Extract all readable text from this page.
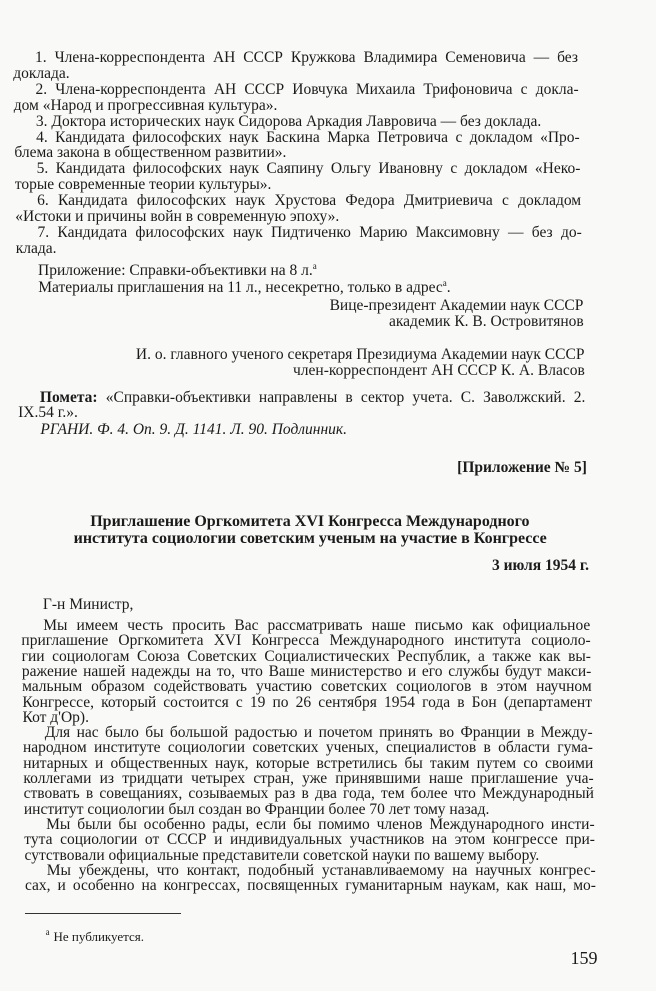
1. Члена-корреспондента АН СССР Кружкова Владимира Семеновича — без
доклада.
2. Члена-корреспондента АН СССР Иовчука Михаила Трифоновича с докла-
дом «Народ и прогрессивная культура».
3. Доктора исторических наук Сидорова Аркадия Лавровича — без доклада.
4. Кандидата философских наук Баскина Марка Петровича с докладом «Про-
блема закона в общественном развитии».
5. Кандидата философских наук Саяпину Ольгу Ивановну с докладом «Неко-
торые современные теории культуры».
6. Кандидата философских наук Хрустова Федора Дмитриевича с докладом
«Истоки и причины войн в современную эпоху».
7. Кандидата философских наук Пидтиченко Марию Максимовну — без до-
клада.
Приложение: Справки-объективки на 8 л.$^а$
Материалы приглашения на 11 л., несекретно, только в адрес$^а$.
Вице-президент Академии наук СССР
академик К. В. Островитянов
И. о. главного ученого секретаря Президиума Академии наук СССР
член-корреспондент АН СССР К. А. Власов
Помета: «Справки-объективки направлены в сектор учета. С. Заволжский. 2.
IX.54 г.».
РГАНИ. Ф. 4. Оп. 9. Д. 1141. Л. 90. Подлинник.
[Приложение № 5]
Приглашение Оргкомитета XVI Конгресса Международного
института социологии советским ученым на участие в Конгрессе
3 июля 1954 г.
Г-н Министр,
Мы имеем честь просить Вас рассматривать наше письмо как официальное
приглашение Оргкомитета XVI Конгресса Международного института социоло-
гии социологам Союза Советских Социалистических Республик, а также как вы-
ражение нашей надежды на то, что Ваше министерство и его службы будут макси-
мальным образом содействовать участию советских социологов в этом научном
Конгрессе, который состоится с 19 по 26 сентября 1954 года в Бон (департамент
Кот д'Ор).
Для нас было бы большой радостью и почетом принять во Франции в Между-
народном институте социологии советских ученых, специалистов в области гума-
нитарных и общественных наук, которые встретились бы таким путем со своими
коллегами из тридцати четырех стран, уже принявшими наше приглашение уча-
ствовать в совещаниях, созываемых раз в два года, тем более что Международный
институт социологии был создан во Франции более 70 лет тому назад.
Мы были бы особенно рады, если бы помимо членов Международного инсти-
тута социологии от СССР и индивидуальных участников на этом конгрессе при-
сутствовали официальные представители советской науки по вашему выбору.
Мы убеждены, что контакт, подобный устанавливаемому на научных конгрес-
сах, и особенно на конгрессах, посвященных гуманитарным наукам, как наш, мо-
$^а$ Не публикуется.
159
